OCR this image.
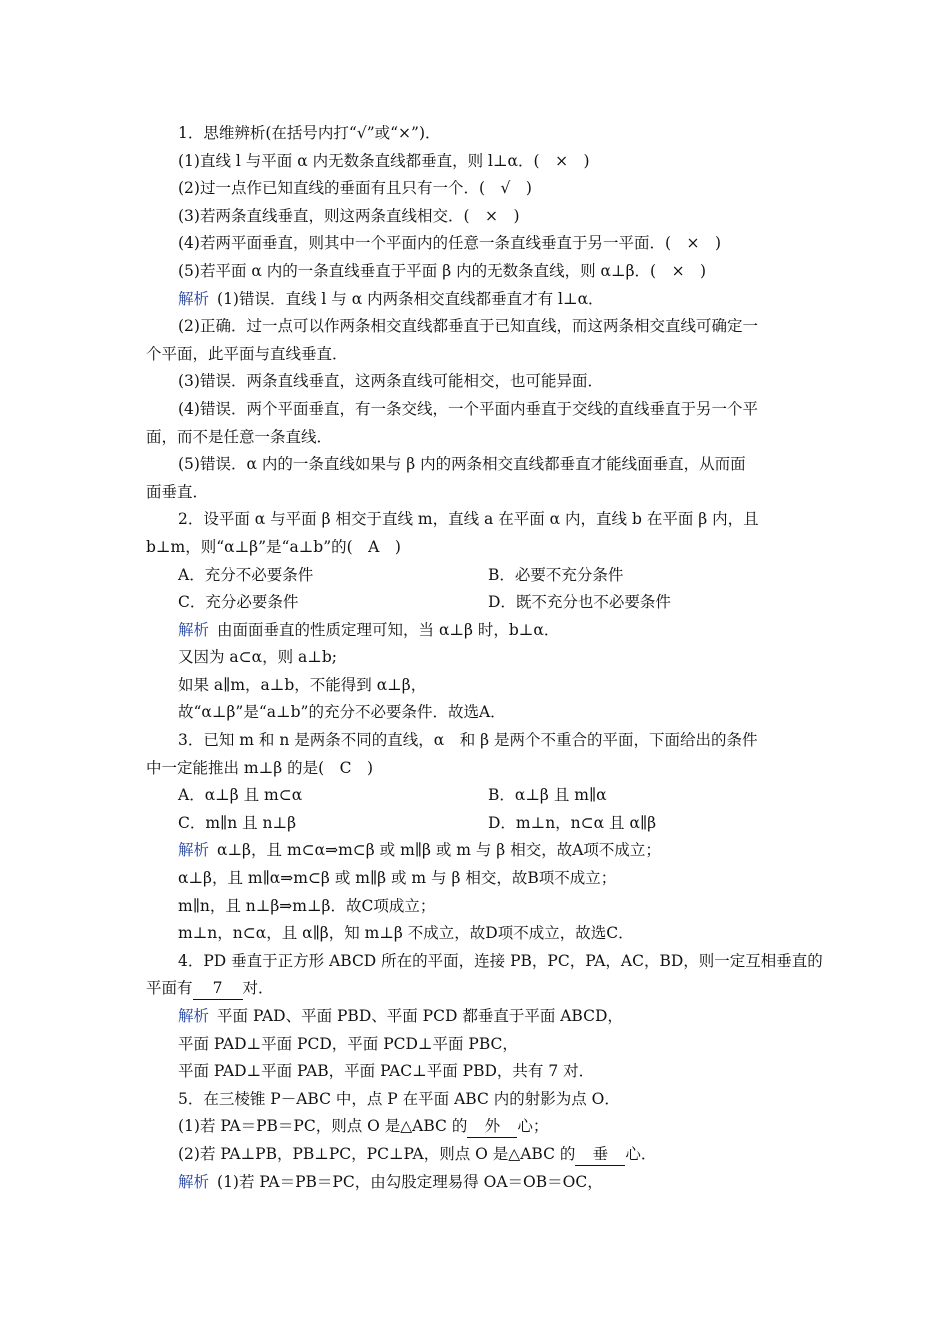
1．思维辨析(在括号内打“√”或“×”)．
(1)直线 l 与平面 α 内无数条直线都垂直，则 l⊥α．(　×　)
(2)过一点作已知直线的垂面有且只有一个．(　√　)
(3)若两条直线垂直，则这两条直线相交．(　×　)
(4)若两平面垂直，则其中一个平面内的任意一条直线垂直于另一平面．(　×　)
(5)若平面 α 内的一条直线垂直于平面 β 内的无数条直线，则 α⊥β．(　×　)
解析 (1)错误．直线 l 与 α 内两条相交直线都垂直才有 l⊥α．
(2)正确．过一点可以作两条相交直线都垂直于已知直线，而这两条相交直线可确定一
个平面，此平面与直线垂直．
(3)错误．两条直线垂直，这两条直线可能相交，也可能异面．
(4)错误．两个平面垂直，有一条交线，一个平面内垂直于交线的直线垂直于另一个平
面，而不是任意一条直线．
(5)错误．α 内的一条直线如果与 β 内的两条相交直线都垂直才能线面垂直，从而面
面垂直．
2．设平面 α 与平面 β 相交于直线 m，直线 a 在平面 α 内，直线 b 在平面 β 内，且
b⊥m，则“α⊥β”是“a⊥b”的(　A　)
A．充分不必要条件	B．必要不充分条件
C．充分必要条件	D．既不充分也不必要条件
解析 由面面垂直的性质定理可知，当 α⊥β 时，b⊥α．
又因为 a⊂α，则 a⊥b;
如果 a∥m，a⊥b，不能得到 α⊥β，
故“α⊥β”是“a⊥b”的充分不必要条件．故选A．
3．已知 m 和 n 是两条不同的直线，α　和 β 是两个不重合的平面，下面给出的条件
中一定能推出 m⊥β 的是(　C　)
A．α⊥β 且 m⊂α	B．α⊥β 且 m∥α
C．m∥n 且 n⊥β	D．m⊥n，n⊂α 且 α∥β
解析 α⊥β，且 m⊂α⇒m⊂β 或 m∥β 或 m 与 β 相交，故A项不成立；
α⊥β，且 m∥α⇒m⊂β 或 m∥β 或 m 与 β 相交，故B项不成立；
m∥n，且 n⊥β⇒m⊥β．故C项成立；
m⊥n，n⊂α，且 α∥β，知 m⊥β 不成立，故D项不成立，故选C．
4．PD 垂直于正方形 ABCD 所在的平面，连接 PB，PC，PA，AC，BD，则一定互相垂直的
平面有 7 对．
解析 平面 PAD、平面 PBD、平面 PCD 都垂直于平面 ABCD，
平面 PAD⊥平面 PCD，平面 PCD⊥平面 PBC，
平面 PAD⊥平面 PAB，平面 PAC⊥平面 PBD，共有 7 对．
5．在三棱锥 P－ABC 中，点 P 在平面 ABC 内的射影为点 O．
(1)若 PA＝PB＝PC，则点 O 是△ABC 的 外 心；
(2)若 PA⊥PB，PB⊥PC，PC⊥PA，则点 O 是△ABC 的 垂 心．
解析 (1)若 PA＝PB＝PC，由勾股定理易得 OA＝OB＝OC，
